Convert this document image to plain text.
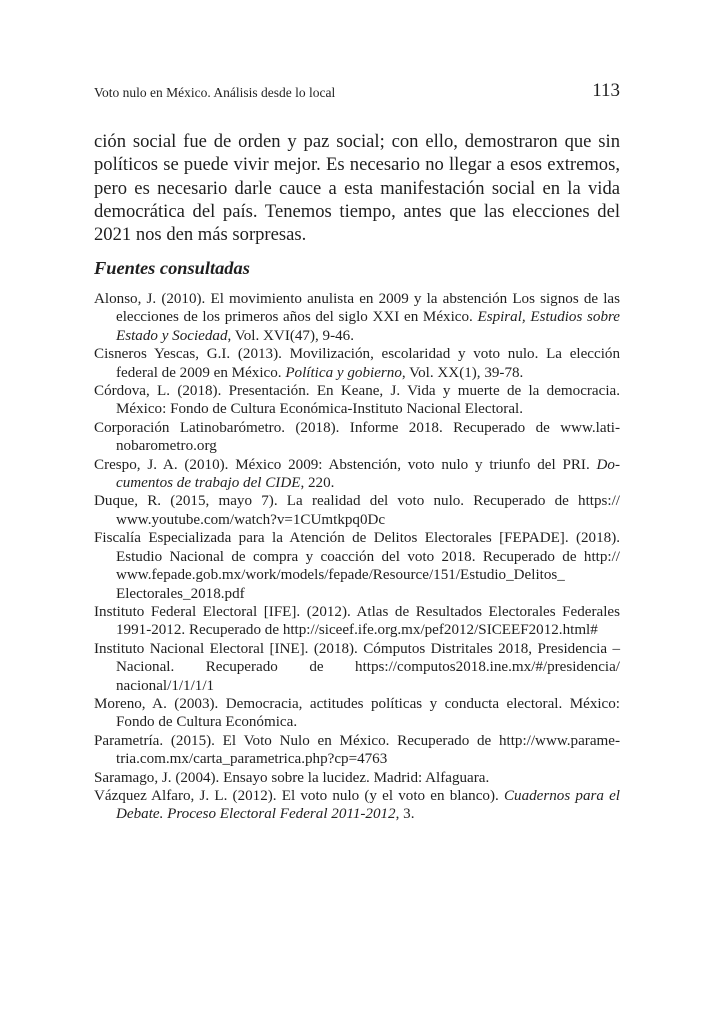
Voto nulo en México. Análisis desde lo local	113

ción social fue de orden y paz social; con ello, demostraron que sin políticos se puede vivir mejor. Es necesario no llegar a esos extremos, pero es necesario darle cauce a esta manifestación social en la vida democrática del país. Tenemos tiempo, antes que las elecciones del 2021 nos den más sorpresas.

Fuentes consultadas
Alonso, J. (2010). El movimiento anulista en 2009 y la abstención Los signos de las elecciones de los primeros años del siglo XXI en México. Espiral, Estudios sobre Estado y Sociedad, Vol. XVI(47), 9-46.
Cisneros Yescas, G.I. (2013). Movilización, escolaridad y voto nulo. La elección federal de 2009 en México. Política y gobierno, Vol. XX(1), 39-78.
Córdova, L. (2018). Presentación. En Keane, J. Vida y muerte de la democracia. México: Fondo de Cultura Económica-Instituto Nacional Electoral.
Corporación Latinobarómetro. (2018). Informe 2018. Recuperado de www.latinobarometro.org
Crespo, J. A. (2010). México 2009: Abstención, voto nulo y triunfo del PRI. Documentos de trabajo del CIDE, 220.
Duque, R. (2015, mayo 7). La realidad del voto nulo. Recuperado de https://​www.youtube.com/watch?v=1CUmtkpq0Dc
Fiscalía Especializada para la Atención de Delitos Electorales [FEPADE]. (2018). Estudio Nacional de compra y coacción del voto 2018. Recuperado de http://​www.fepade.gob.mx/work/models/fepade/Resource/151/Estudio_Delitos_​Electorales_2018.pdf
Instituto Federal Electoral [IFE]. (2012). Atlas de Resultados Electorales Federales 1991-2012. Recuperado de http://siceef.ife.org.mx/pef2012/SICEEF2012.​html#
Instituto Nacional Electoral [INE]. (2018). Cómputos Distritales 2018, Presidencia – Nacional. Recuperado de https://computos2018.ine.mx/#/presidencia/​nacional/1/1/1/1
Moreno, A. (2003). Democracia, actitudes políticas y conducta electoral. México: Fondo de Cultura Económica.
Parametría. (2015). El Voto Nulo en México. Recuperado de http://www.parametria.com.mx/carta_parametrica.php?cp=4763
Saramago, J. (2004). Ensayo sobre la lucidez. Madrid: Alfaguara.
Vázquez Alfaro, J. L. (2012). El voto nulo (y el voto en blanco). Cuadernos para el Debate. Proceso Electoral Federal 2011-2012, 3.
